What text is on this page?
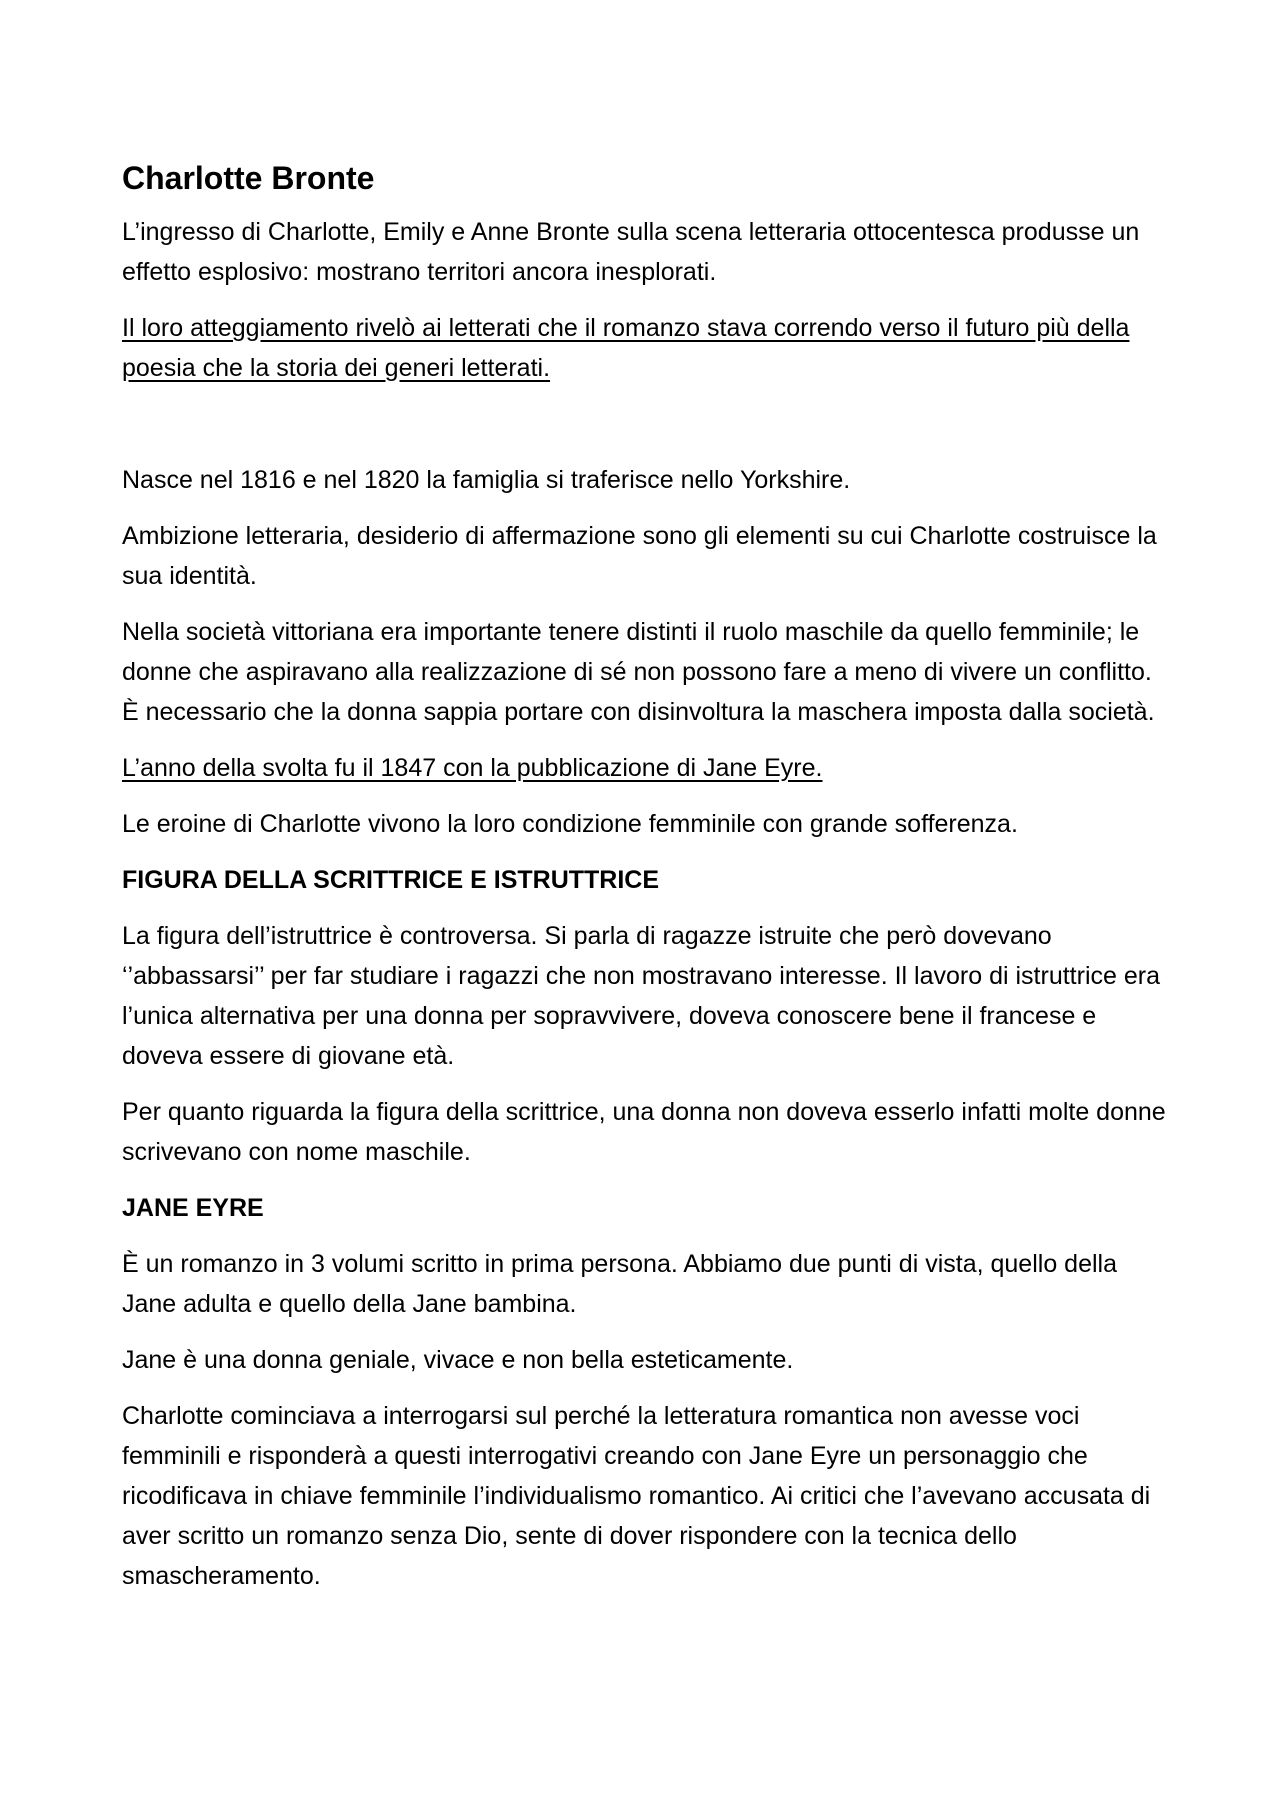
Charlotte Bronte

L’ingresso di Charlotte, Emily e Anne Bronte sulla scena letteraria ottocentesca produsse un effetto esplosivo: mostrano territori ancora inesplorati.

Il loro atteggiamento rivelò ai letterati che il romanzo stava correndo verso il futuro più della poesia che la storia dei generi letterati.

Nasce nel 1816 e nel 1820 la famiglia si traferisce nello Yorkshire.

Ambizione letteraria, desiderio di affermazione sono gli elementi su cui Charlotte costruisce la sua identità.

Nella società vittoriana era importante tenere distinti il ruolo maschile da quello femminile; le donne che aspiravano alla realizzazione di sé non possono fare a meno di vivere un conflitto. È necessario che la donna sappia portare con disinvoltura la maschera imposta dalla società.

L’anno della svolta fu il 1847 con la pubblicazione di Jane Eyre.

Le eroine di Charlotte vivono la loro condizione femminile con grande sofferenza.

FIGURA DELLA SCRITTRICE E ISTRUTTRICE

La figura dell’istruttrice è controversa. Si parla di ragazze istruite che però dovevano ‘’abbassarsi’’ per far studiare i ragazzi che non mostravano interesse. Il lavoro di istruttrice era l’unica alternativa per una donna per sopravvivere, doveva conoscere bene il francese e doveva essere di giovane età.

Per quanto riguarda la figura della scrittrice, una donna non doveva esserlo infatti molte donne scrivevano con nome maschile.

JANE EYRE

È un romanzo in 3 volumi scritto in prima persona. Abbiamo due punti di vista, quello della Jane adulta e quello della Jane bambina.

Jane è una donna geniale, vivace e non bella esteticamente.

Charlotte cominciava a interrogarsi sul perché la letteratura romantica non avesse voci femminili e risponderà a questi interrogativi creando con Jane Eyre un personaggio che ricodificava in chiave femminile l’individualismo romantico. Ai critici che l’avevano accusata di aver scritto un romanzo senza Dio, sente di dover rispondere con la tecnica dello smascheramento.
